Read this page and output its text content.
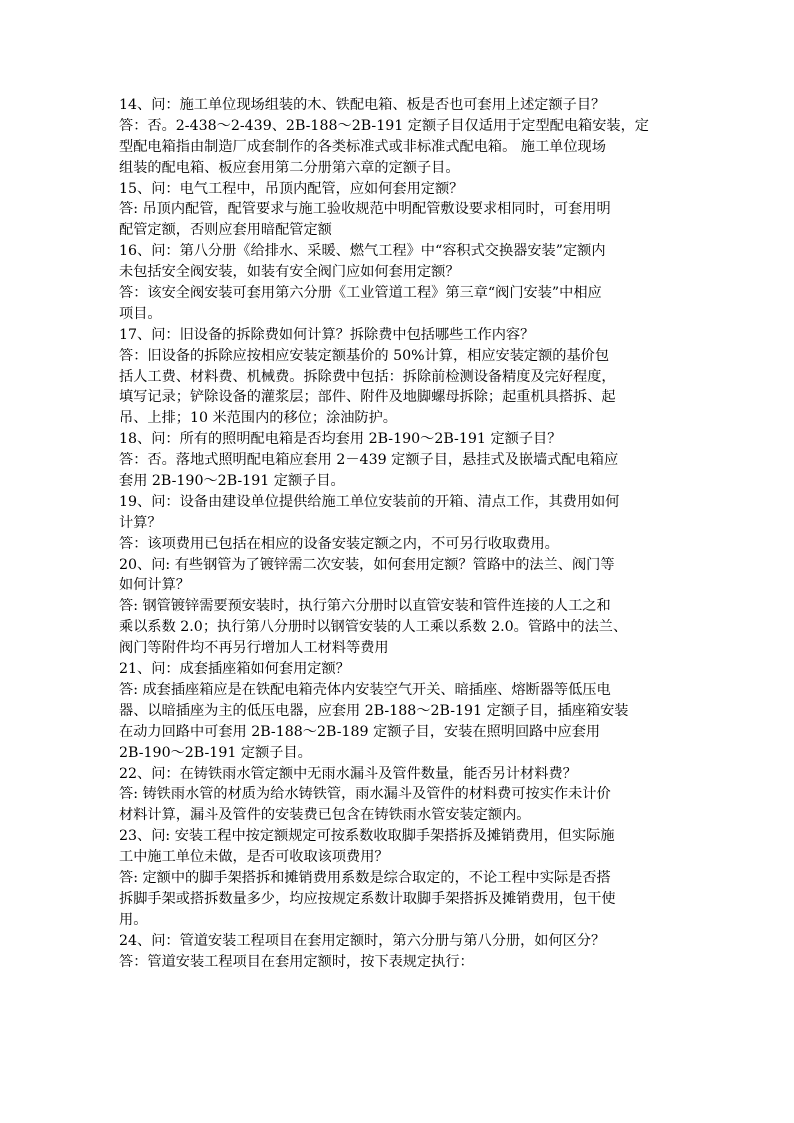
14、问：施工单位现场组装的木、铁配电箱、板是否也可套用上述定额子目？
答：否。2-438～2-439、2B-188～2B-191 定额子目仅适用于定型配电箱安装，定
型配电箱指由制造厂成套制作的各类标准式或非标准式配电箱。 施工单位现场
组装的配电箱、板应套用第二分册第六章的定额子目。
15、问：电气工程中，吊顶内配管，应如何套用定额？
答: 吊顶内配管，配管要求与施工验收规范中明配管敷设要求相同时，可套用明
配管定额，否则应套用暗配管定额
16、问：第八分册《给排水、采暖、燃气工程》中“容积式交换器安装”定额内
未包括安全阀安装，如装有安全阀门应如何套用定额？
答：该安全阀安装可套用第六分册《工业管道工程》第三章“阀门安装”中相应
项目。
17、问：旧设备的拆除费如何计算？拆除费中包括哪些工作内容？
答：旧设备的拆除应按相应安装定额基价的 50%计算，相应安装定额的基价包
括人工费、材料费、机械费。拆除费中包括：拆除前检测设备精度及完好程度，
填写记录；铲除设备的灌浆层；部件、附件及地脚螺母拆除；起重机具搭拆、起
吊、上排；10 米范围内的移位；涂油防护。
18、问：所有的照明配电箱是否均套用 2B-190～2B-191 定额子目？
答：否。落地式照明配电箱应套用 2－439 定额子目，悬挂式及嵌墙式配电箱应
套用 2B-190～2B-191 定额子目。
19、问：设备由建设单位提供给施工单位安装前的开箱、清点工作，其费用如何
计算？
答：该项费用已包括在相应的设备安装定额之内，不可另行收取费用。
20、问: 有些钢管为了镀锌需二次安装，如何套用定额？管路中的法兰、阀门等
如何计算？
答: 钢管镀锌需要预安装时，执行第六分册时以直管安装和管件连接的人工之和
乘以系数 2.0；执行第八分册时以钢管安装的人工乘以系数 2.0。管路中的法兰、
阀门等附件均不再另行增加人工材料等费用
21、问：成套插座箱如何套用定额？
答: 成套插座箱应是在铁配电箱壳体内安装空气开关、暗插座、熔断器等低压电
器、以暗插座为主的低压电器，应套用 2B-188～2B-191 定额子目，插座箱安装
在动力回路中可套用 2B-188～2B-189 定额子目，安装在照明回路中应套用
2B-190～2B-191 定额子目。
22、问：在铸铁雨水管定额中无雨水漏斗及管件数量，能否另计材料费？
答: 铸铁雨水管的材质为给水铸铁管，雨水漏斗及管件的材料费可按实作未计价
材料计算，漏斗及管件的安装费已包含在铸铁雨水管安装定额内。
23、问: 安装工程中按定额规定可按系数收取脚手架搭拆及摊销费用，但实际施
工中施工单位未做，是否可收取该项费用？
答: 定额中的脚手架搭拆和摊销费用系数是综合取定的，不论工程中实际是否搭
拆脚手架或搭拆数量多少，均应按规定系数计取脚手架搭拆及摊销费用，包干使
用。
24、问：管道安装工程项目在套用定额时，第六分册与第八分册，如何区分？
答：管道安装工程项目在套用定额时，按下表规定执行：
